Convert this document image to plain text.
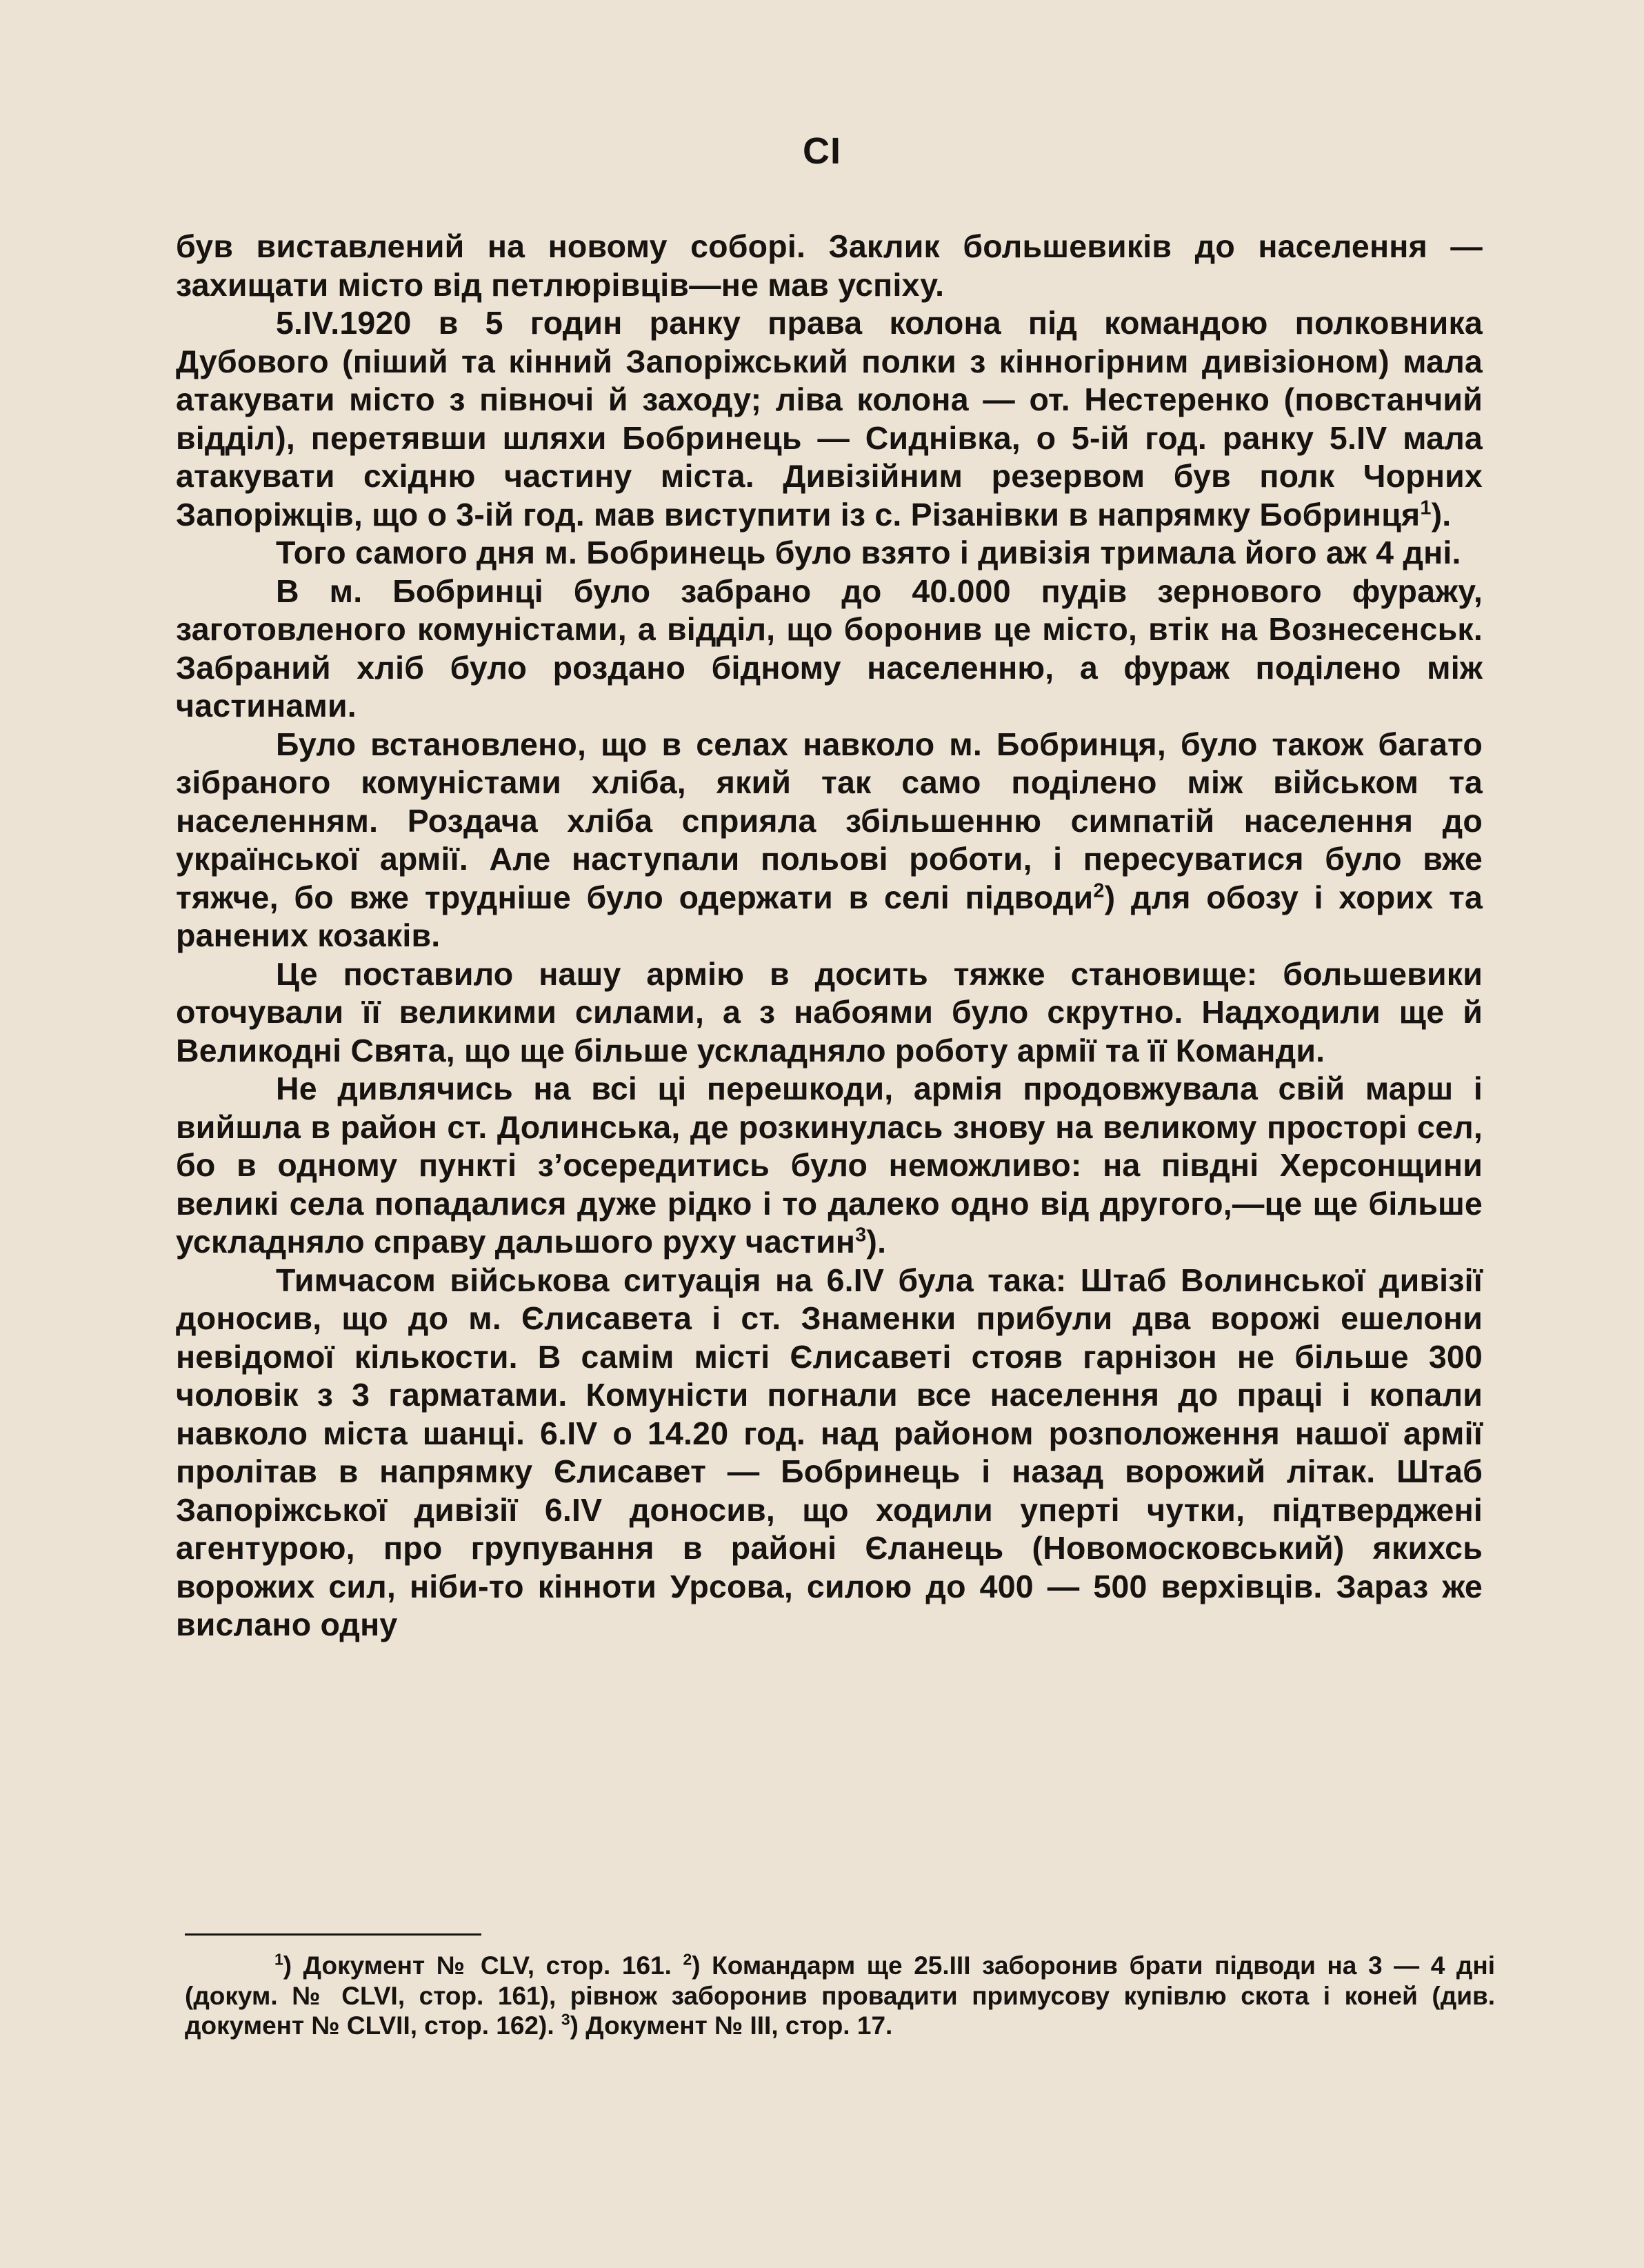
CI

був виставлений на новому соборі. Заклик большевиків до населення — захищати місто від петлюрівців—не мав успіху.

5.IV.1920 в 5 годин ранку права колона під командою полковника Дубового (піший та кінний Запоріжський полки з кінногірним дивізіоном) мала атакувати місто з півночі й заходу; ліва колона — от. Нестеренко (повстанчий відділ), перетявши шляхи Бобринець — Сиднівка, о 5-ій год. ранку 5.IV мала атакувати східню частину міста. Дивізійним резервом був полк Чорних Запоріжців, що о 3-ій год. мав виступити із с. Різанівки в напрямку Бобринця$^1$).

Того самого дня м. Бобринець було взято і дивізія тримала його аж 4 дні.

В м. Бобринці було забрано до 40.000 пудів зернового фуражу, заготовленого комуністами, а відділ, що боронив це місто, втік на Вознесенськ. Забраний хліб було роздано бідному населенню, а фураж поділено між частинами.

Було встановлено, що в селах навколо м. Бобринця, було також багато зібраного комуністами хліба, який так само поділено між військом та населенням. Роздача хліба сприяла збільшенню симпатій населення до української армії. Але наступали польові роботи, і пересуватися було вже тяжче, бо вже трудніше було одержати в селі підводи$^2$) для обозу і хорих та ранених козаків.

Це поставило нашу армію в досить тяжке становище: большевики оточували її великими силами, а з набоями було скрутно. Надходили ще й Великодні Свята, що ще більше ускладняло роботу армії та її Команди.

Не дивлячись на всі ці перешкоди, армія продовжувала свій марш і вийшла в район ст. Долинська, де розкинулась знову на великому просторі сел, бо в одному пункті з’осередитись було неможливо: на півдні Херсонщини великі села попадалися дуже рідко і то далеко одно від другого,—це ще більше ускладняло справу дальшого руху частин$^3$).

Тимчасом військова ситуація на 6.IV була така: Штаб Волинської дивізії доносив, що до м. Єлисавета і ст. Знаменки прибули два ворожі ешелони невідомої кількости. В самім місті Єлисаветі стояв гарнізон не більше 300 чоловік з 3 гарматами. Комуністи погнали все населення до праці і копали навколо міста шанці. 6.IV о 14.20 год. над районом розположення нашої армії пролітав в напрямку Єлисавет — Бобринець і назад ворожий літак. Штаб Запоріжської дивізії 6.IV доносив, що ходили уперті чутки, підтверджені агентурою, про групування в районі Єланець (Новомосковський) якихсь ворожих сил, ніби-то кінноти Урсова, силою до 400 — 500 верхівців. Зараз же вислано одну

$^1$) Документ № CLV, стор. 161. $^2$) Командарм ще 25.III заборонив брати підводи на 3 — 4 дні (докум. № CLVI, стор. 161), рівнож заборонив провадити примусову купівлю скота і коней (див. документ № CLVII, стор. 162). $^3$) Документ № III, стор. 17.
